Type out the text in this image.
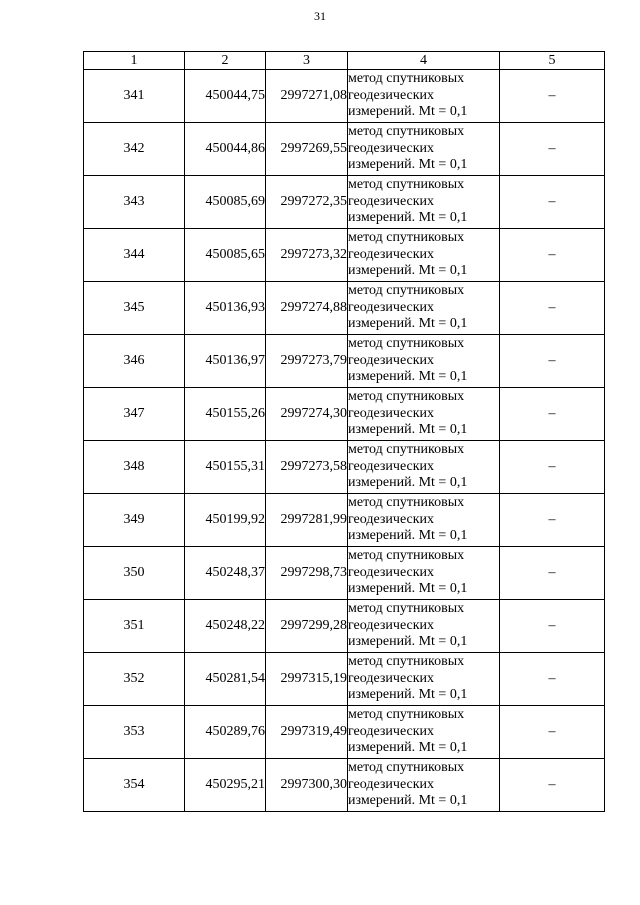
31
1	2	3	4	5
341	450044,75	2997271,08	метод спутниковых
геодезических
измерений. Mt = 0,1	–
342	450044,86	2997269,55	метод спутниковых
геодезических
измерений. Mt = 0,1	–
343	450085,69	2997272,35	метод спутниковых
геодезических
измерений. Mt = 0,1	–
344	450085,65	2997273,32	метод спутниковых
геодезических
измерений. Mt = 0,1	–
345	450136,93	2997274,88	метод спутниковых
геодезических
измерений. Mt = 0,1	–
346	450136,97	2997273,79	метод спутниковых
геодезических
измерений. Mt = 0,1	–
347	450155,26	2997274,30	метод спутниковых
геодезических
измерений. Mt = 0,1	–
348	450155,31	2997273,58	метод спутниковых
геодезических
измерений. Mt = 0,1	–
349	450199,92	2997281,99	метод спутниковых
геодезических
измерений. Mt = 0,1	–
350	450248,37	2997298,73	метод спутниковых
геодезических
измерений. Mt = 0,1	–
351	450248,22	2997299,28	метод спутниковых
геодезических
измерений. Mt = 0,1	–
352	450281,54	2997315,19	метод спутниковых
геодезических
измерений. Mt = 0,1	–
353	450289,76	2997319,49	метод спутниковых
геодезических
измерений. Mt = 0,1	–
354	450295,21	2997300,30	метод спутниковых
геодезических
измерений. Mt = 0,1	–
